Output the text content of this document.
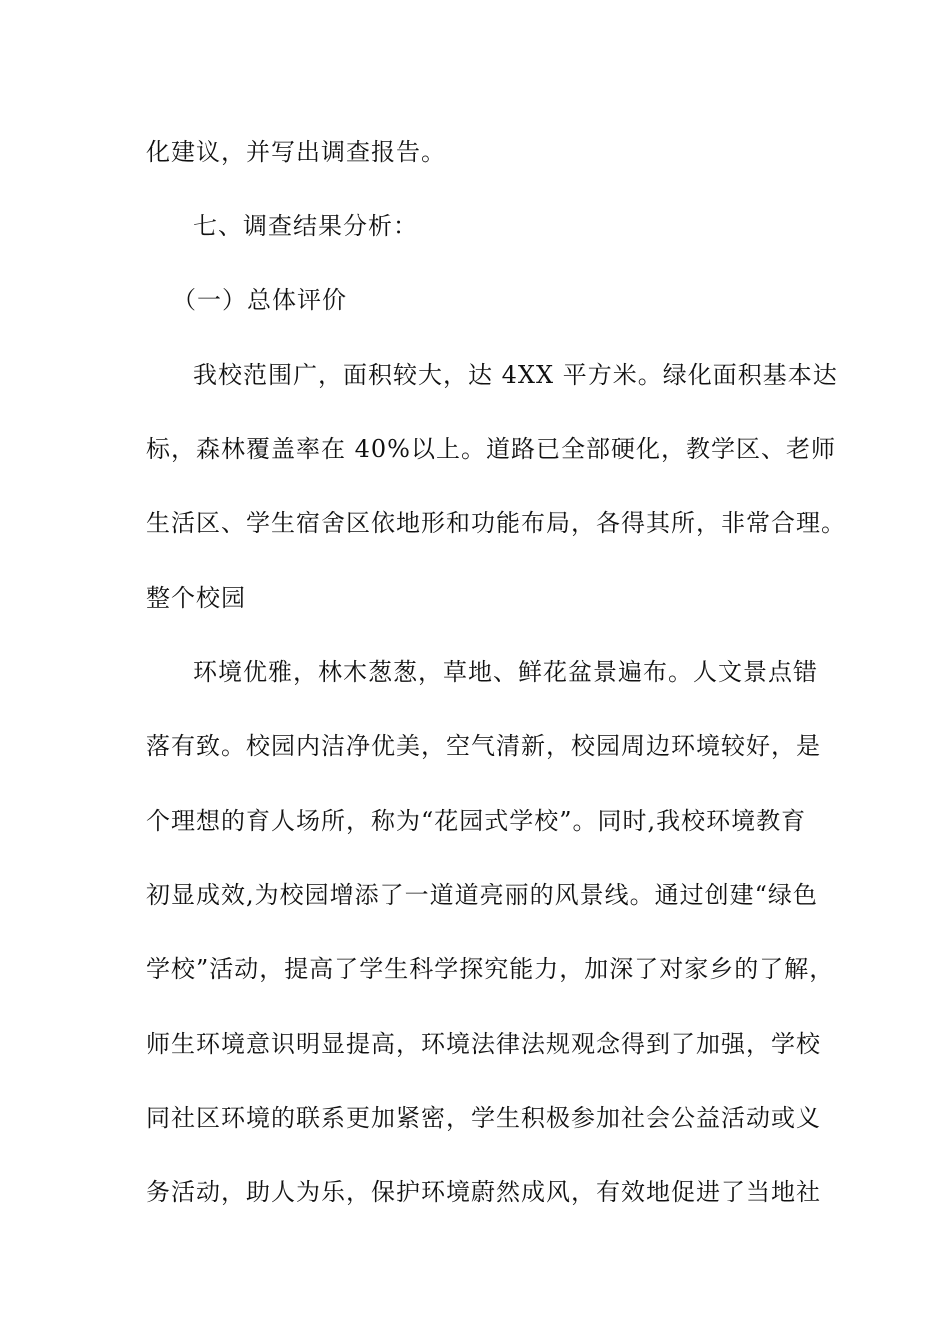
化建议，并写出调查报告。
七、调查结果分析：
（一）总体评价
我校范围广，面积较大，达 4XX 平方米。绿化面积基本达
标，森林覆盖率在 40%以上。道路已全部硬化，教学区、老师
生活区、学生宿舍区依地形和功能布局，各得其所，非常合理。
整个校园
环境优雅，林木葱葱，草地、鲜花盆景遍布。人文景点错
落有致。校园内洁净优美，空气清新，校园周边环境较好，是
个理想的育人场所，称为“花园式学校”。同时,我校环境教育
初显成效,为校园增添了一道道亮丽的风景线。通过创建“绿色
学校”活动，提高了学生科学探究能力，加深了对家乡的了解，
师生环境意识明显提高，环境法律法规观念得到了加强，学校
同社区环境的联系更加紧密，学生积极参加社会公益活动或义
务活动，助人为乐，保护环境蔚然成风，有效地促进了当地社
